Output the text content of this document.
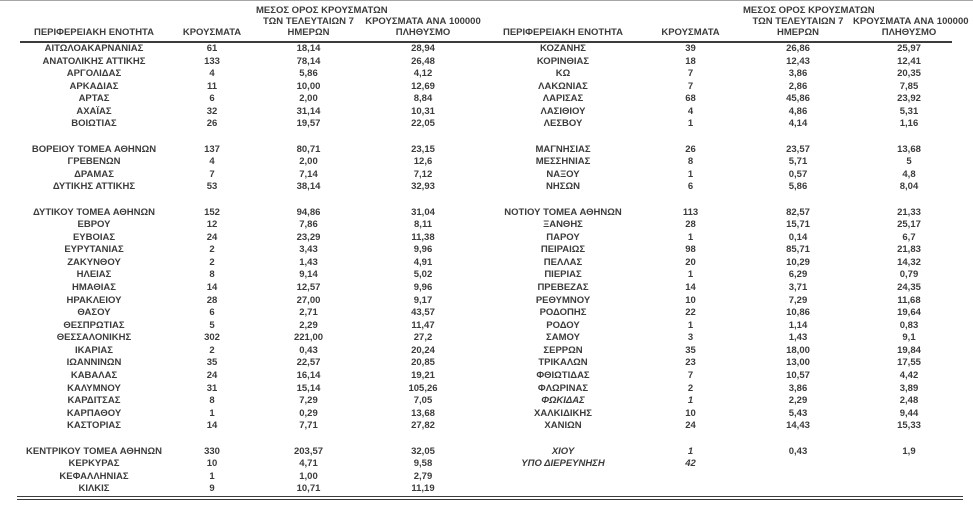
ΠΕΡΙΦΕΡΕΙΑΚΗ ΕΝΟΤΗΤΑ	ΚΡΟΥΣΜΑΤΑ	ΜΕΣΟΣ ΟΡΟΣ ΚΡΟΥΣΜΑΤΩΝ
ΤΩΝ ΤΕΛΕΥΤΑΙΩΝ 7
ΗΜΕΡΩΝ	ΚΡΟΥΣΜΑΤΑ ΑΝΑ 100000
ΠΛΗΘΥΣΜΟ

ΑΙΤΩΛΟΑΚΑΡΝΑΝΙΑΣ	61	18,14	28,94
ΑΝΑΤΟΛΙΚΗΣ ΑΤΤΙΚΗΣ	133	78,14	26,48
ΑΡΓΟΛΙΔΑΣ	4	5,86	4,12
ΑΡΚΑΔΙΑΣ	11	10,00	12,69
ΑΡΤΑΣ	6	2,00	8,84
ΑΧΑΪΑΣ	32	31,14	10,31
ΒΟΙΩΤΙΑΣ	26	19,57	22,05

ΒΟΡΕΙΟΥ ΤΟΜΕΑ ΑΘΗΝΩΝ	137	80,71	23,15
ΓΡΕΒΕΝΩΝ	4	2,00	12,6
ΔΡΑΜΑΣ	7	7,14	7,12
ΔΥΤΙΚΗΣ ΑΤΤΙΚΗΣ	53	38,14	32,93

ΔΥΤΙΚΟΥ ΤΟΜΕΑ ΑΘΗΝΩΝ	152	94,86	31,04
ΕΒΡΟΥ	12	7,86	8,11
ΕΥΒΟΙΑΣ	24	23,29	11,38
ΕΥΡΥΤΑΝΙΑΣ	2	3,43	9,96
ΖΑΚΥΝΘΟΥ	2	1,43	4,91
ΗΛΕΙΑΣ	8	9,14	5,02
ΗΜΑΘΙΑΣ	14	12,57	9,96
ΗΡΑΚΛΕΙΟΥ	28	27,00	9,17
ΘΑΣΟΥ	6	2,71	43,57
ΘΕΣΠΡΩΤΙΑΣ	5	2,29	11,47
ΘΕΣΣΑΛΟΝΙΚΗΣ	302	221,00	27,2
ΙΚΑΡΙΑΣ	2	0,43	20,24
ΙΩΑΝΝΙΝΩΝ	35	22,57	20,85
ΚΑΒΑΛΑΣ	24	16,14	19,21
ΚΑΛΥΜΝΟΥ	31	15,14	105,26
ΚΑΡΔΙΤΣΑΣ	8	7,29	7,05
ΚΑΡΠΑΘΟΥ	1	0,29	13,68
ΚΑΣΤΟΡΙΑΣ	14	7,71	27,82

ΚΕΝΤΡΙΚΟΥ ΤΟΜΕΑ ΑΘΗΝΩΝ	330	203,57	32,05
ΚΕΡΚΥΡΑΣ	10	4,71	9,58
ΚΕΦΑΛΛΗΝΙΑΣ	1	1,00	2,79
ΚΙΛΚΙΣ	9	10,71	11,19
ΠΕΡΙΦΕΡΕΙΑΚΗ ΕΝΟΤΗΤΑ	ΚΡΟΥΣΜΑΤΑ	ΜΕΣΟΣ ΟΡΟΣ ΚΡΟΥΣΜΑΤΩΝ
ΤΩΝ ΤΕΛΕΥΤΑΙΩΝ 7
ΗΜΕΡΩΝ	ΚΡΟΥΣΜΑΤΑ ΑΝΑ 100000
ΠΛΗΘΥΣΜΟ

ΚΟΖΑΝΗΣ	39	26,86	25,97
ΚΟΡΙΝΘΙΑΣ	18	12,43	12,41
ΚΩ	7	3,86	20,35
ΛΑΚΩΝΙΑΣ	7	2,86	7,85
ΛΑΡΙΣΑΣ	68	45,86	23,92
ΛΑΣΙΘΙΟΥ	4	4,86	5,31
ΛΕΣΒΟΥ	1	4,14	1,16

ΜΑΓΝΗΣΙΑΣ	26	23,57	13,68
ΜΕΣΣΗΝΙΑΣ	8	5,71	5
ΝΑΞΟΥ	1	0,57	4,8
ΝΗΣΩΝ	6	5,86	8,04

ΝΟΤΙΟΥ ΤΟΜΕΑ ΑΘΗΝΩΝ	113	82,57	21,33
ΞΑΝΘΗΣ	28	15,71	25,17
ΠΑΡΟΥ	1	0,14	6,7
ΠΕΙΡΑΙΩΣ	98	85,71	21,83
ΠΕΛΛΑΣ	20	10,29	14,32
ΠΙΕΡΙΑΣ	1	6,29	0,79
ΠΡΕΒΕΖΑΣ	14	3,71	24,35
ΡΕΘΥΜΝΟΥ	10	7,29	11,68
ΡΟΔΟΠΗΣ	22	10,86	19,64
ΡΟΔΟΥ	1	1,14	0,83
ΣΑΜΟΥ	3	1,43	9,1
ΣΕΡΡΩΝ	35	18,00	19,84
ΤΡΙΚΑΛΩΝ	23	13,00	17,55
ΦΘΙΩΤΙΔΑΣ	7	10,57	4,42
ΦΛΩΡΙΝΑΣ	2	3,86	3,89
ΦΩΚΙΔΑΣ	1	2,29	2,48
ΧΑΛΚΙΔΙΚΗΣ	10	5,43	9,44
ΧΑΝΙΩΝ	24	14,43	15,33

ΧΙΟΥ	1	0,43	1,9
ΥΠΟ ΔΙΕΡΕΥΝΗΣΗ	42		
